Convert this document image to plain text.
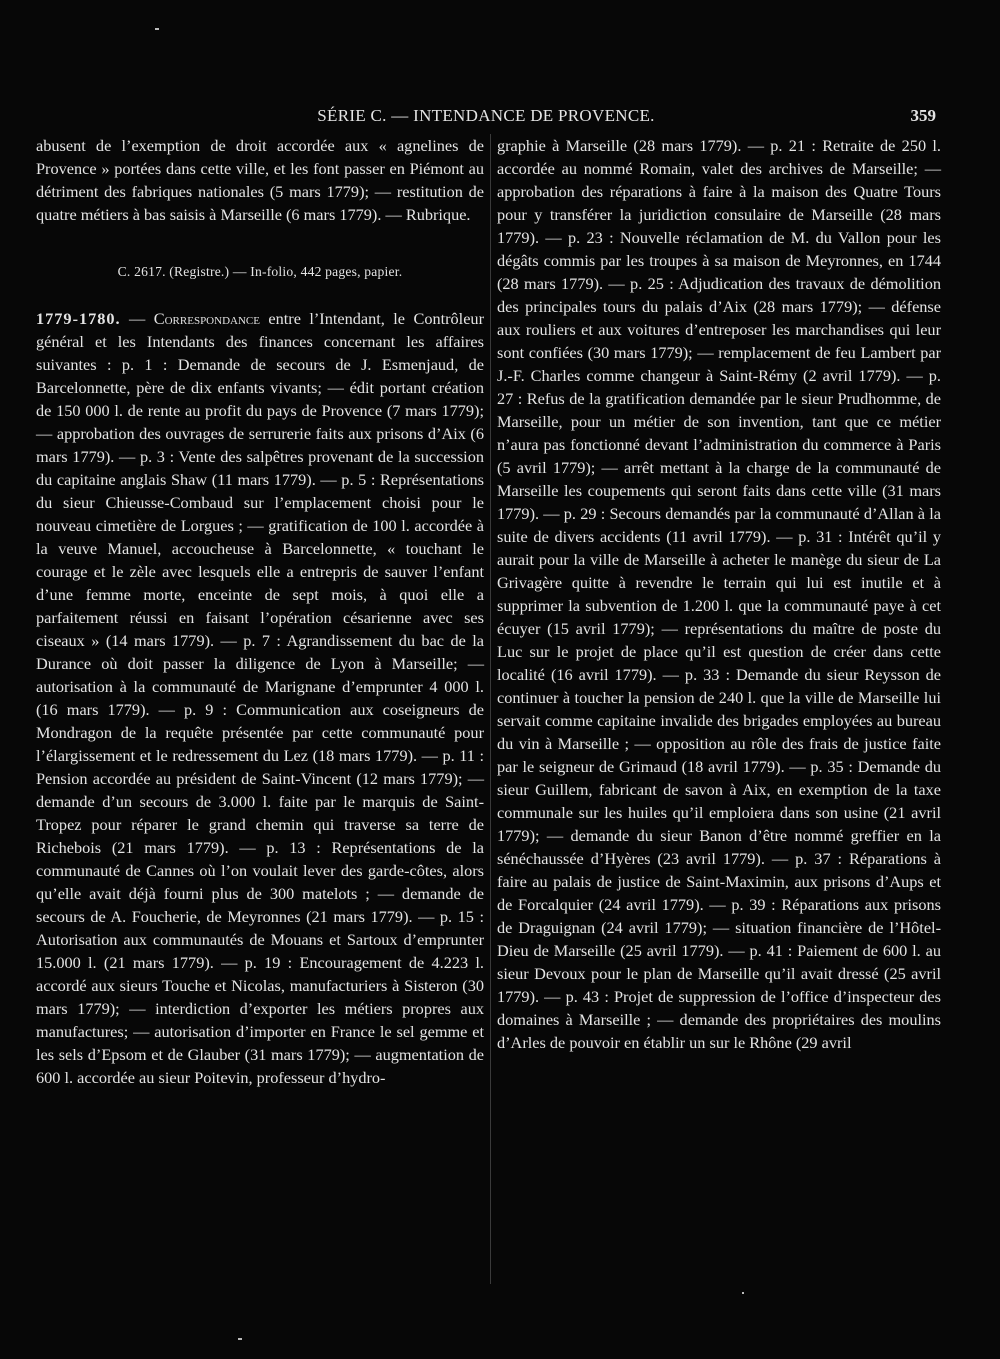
SÉRIE C. — INTENDANCE DE PROVENCE.	359

abusent de l’exemption de droit accordée aux « agnelines de Provence » portées dans cette ville, et les font passer en Piémont au détriment des fabriques nationales (5 mars 1779); — restitution de quatre métiers à bas saisis à Marseille (6 mars 1779). — Rubrique.

C. 2617. (Registre.) — In-folio, 442 pages, papier.

1779-1780. — Correspondance entre l’Intendant, le Contrôleur général et les Intendants des finances concernant les affaires suivantes : p. 1 : Demande de secours de J. Esmenjaud, de Barcelonnette, père de dix enfants vivants; — édit portant création de 150 000 l. de rente au profit du pays de Provence (7 mars 1779); — approbation des ouvrages de serrurerie faits aux prisons d’Aix (6 mars 1779). — p. 3 : Vente des salpêtres provenant de la succession du capitaine anglais Shaw (11 mars 1779). — p. 5 : Représentations du sieur Chieusse-Combaud sur l’emplacement choisi pour le nouveau cimetière de Lorgues ; — gratification de 100 l. accordée à la veuve Manuel, accoucheuse à Barcelonnette, « touchant le courage et le zèle avec lesquels elle a entrepris de sauver l’enfant d’une femme morte, enceinte de sept mois, à quoi elle a parfaitement réussi en faisant l’opération césarienne avec ses ciseaux » (14 mars 1779). — p. 7 : Agrandissement du bac de la Durance où doit passer la diligence de Lyon à Marseille; — autorisation à la communauté de Marignane d’emprunter 4 000 l. (16 mars 1779). — p. 9 : Communication aux coseigneurs de Mondragon de la requête présentée par cette communauté pour l’élargissement et le redressement du Lez (18 mars 1779). — p. 11 : Pension accordée au président de Saint-Vincent (12 mars 1779); — demande d’un secours de 3.000 l. faite par le marquis de Saint-Tropez pour réparer le grand chemin qui traverse sa terre de Richebois (21 mars 1779). — p. 13 : Représentations de la communauté de Cannes où l’on voulait lever des garde-côtes, alors qu’elle avait déjà fourni plus de 300 matelots ; — demande de secours de A. Foucherie, de Meyronnes (21 mars 1779). — p. 15 : Autorisation aux communautés de Mouans et Sartoux d’emprunter 15.000 l. (21 mars 1779). — p. 19 : Encouragement de 4.223 l. accordé aux sieurs Touche et Nicolas, manufacturiers à Sisteron (30 mars 1779); — interdiction d’exporter les métiers propres aux manufactures; — autorisation d’importer en France le sel gemme et les sels d’Epsom et de Glauber (31 mars 1779); — augmentation de 600 l. accordée au sieur Poitevin, professeur d’hydro-

graphie à Marseille (28 mars 1779). — p. 21 : Retraite de 250 l. accordée au nommé Romain, valet des archives de Marseille; — approbation des réparations à faire à la maison des Quatre Tours pour y transférer la juridiction consulaire de Marseille (28 mars 1779). — p. 23 : Nouvelle réclamation de M. du Vallon pour les dégâts commis par les troupes à sa maison de Meyronnes, en 1744 (28 mars 1779). — p. 25 : Adjudication des travaux de démolition des principales tours du palais d’Aix (28 mars 1779); — défense aux rouliers et aux voitures d’entreposer les marchandises qui leur sont confiées (30 mars 1779); — remplacement de feu Lambert par J.-F. Charles comme changeur à Saint-Rémy (2 avril 1779). — p. 27 : Refus de la gratification demandée par le sieur Prudhomme, de Marseille, pour un métier de son invention, tant que ce métier n’aura pas fonctionné devant l’administration du commerce à Paris (5 avril 1779); — arrêt mettant à la charge de la communauté de Marseille les coupements qui seront faits dans cette ville (31 mars 1779). — p. 29 : Secours demandés par la communauté d’Allan à la suite de divers accidents (11 avril 1779). — p. 31 : Intérêt qu’il y aurait pour la ville de Marseille à acheter le manège du sieur de La Grivagère quitte à revendre le terrain qui lui est inutile et à supprimer la subvention de 1.200 l. que la communauté paye à cet écuyer (15 avril 1779); — représentations du maître de poste du Luc sur le projet de place qu’il est question de créer dans cette localité (16 avril 1779). — p. 33 : Demande du sieur Reysson de continuer à toucher la pension de 240 l. que la ville de Marseille lui servait comme capitaine invalide des brigades employées au bureau du vin à Marseille ; — opposition au rôle des frais de justice faite par le seigneur de Grimaud (18 avril 1779). — p. 35 : Demande du sieur Guillem, fabricant de savon à Aix, en exemption de la taxe communale sur les huiles qu’il emploiera dans son usine (21 avril 1779); — demande du sieur Banon d’être nommé greffier en la sénéchaussée d’Hyères (23 avril 1779). — p. 37 : Réparations à faire au palais de justice de Saint-Maximin, aux prisons d’Aups et de Forcalquier (24 avril 1779). — p. 39 : Réparations aux prisons de Draguignan (24 avril 1779); — situation financière de l’Hôtel-Dieu de Marseille (25 avril 1779). — p. 41 : Paiement de 600 l. au sieur Devoux pour le plan de Marseille qu’il avait dressé (25 avril 1779). — p. 43 : Projet de suppression de l’office d’inspecteur des domaines à Marseille ; — demande des propriétaires des moulins d’Arles de pouvoir en établir un sur le Rhône (29 avril
